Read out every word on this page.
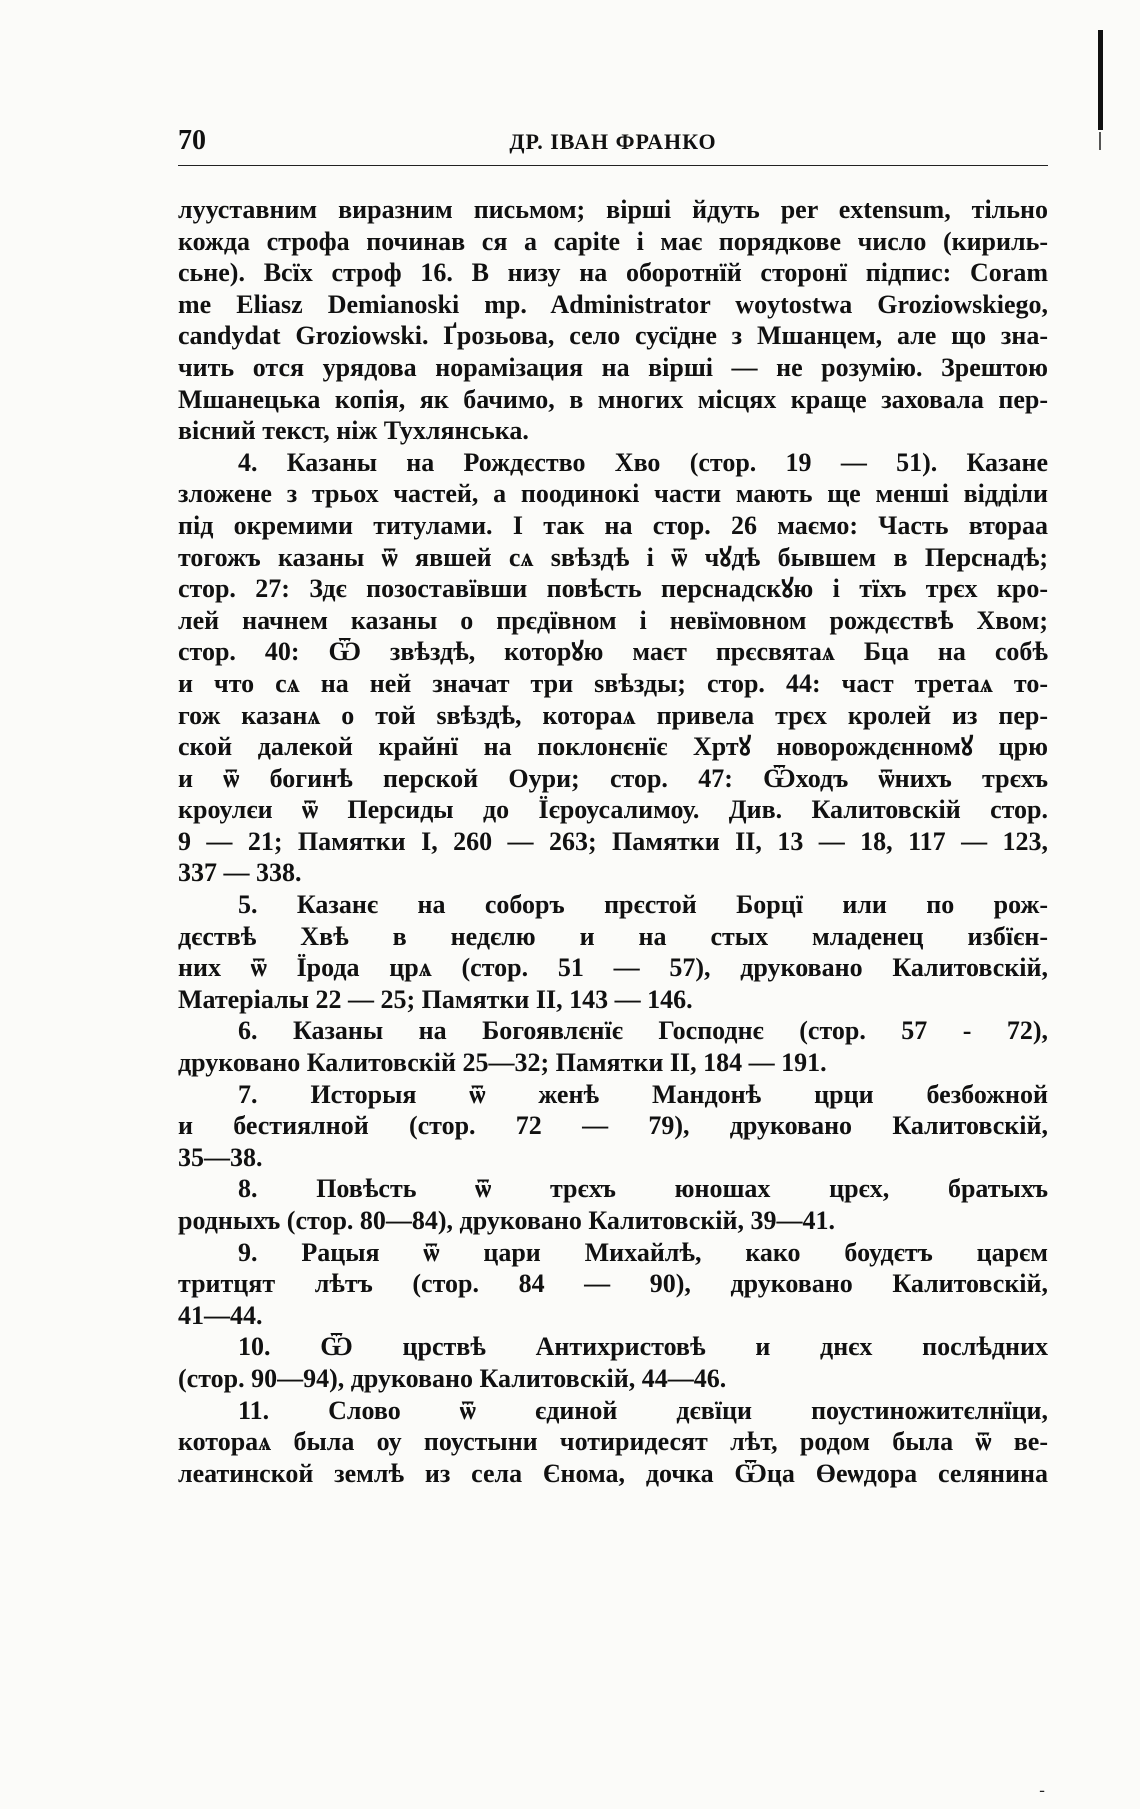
70	ДР. ІВАН ФРАНКО

лууставним виразним письмом; вірші йдуть per extensum, тільно
кожда строфа починав ся а capite і має порядкове число (кириль-
сьне). Всїх строф 16. В низу на оборотнїй сторонї підпис: Coram
me Eliasz Demianoski mp. Administrator woytostwa Groziowskiego,
candydat Groziowski. Ґрозьова, село сусїдне з Мшанцем, але що зна-
чить отся урядова норамізация на вірші — не розумію. Зрештою
Мшанецька копія, як бачимо, в многих місцях краще заховала пер-
вісний текст, ніж Тухлянська.

4. Казаны на Рождєство Хво (стор. 19 — 51). Казане
зложене з трьох частей, а поодинокі части мають ще менші відділи
під окремими титулами. І так на стор. 26 маємо: Часть втораа
тогожъ казаны ѿ явшей сѧ ѕвѣздѣ і ѿ чꙋдѣ бывшем в Перснадѣ;
стор. 27: Здє позоставївши повѣсть перснадскꙋю і тїхъ трєх кро-
лей начнем казаны о прєдївном і невїмовном рождєствѣ Хвом;
стор. 40: Ѿ звѣздѣ, которꙋю маєт прєсвятаѧ Бца на собѣ
и что сѧ на ней значат три ѕвѣзды; стор. 44: част третаѧ то-
гож казанѧ о той ѕвѣздѣ, котораѧ привела трєх кролей из пер-
ской далекой крайнї на поклонєнїє Хртꙋ новорождєнномꙋ црю
и ѿ богинѣ перской Оури; стор. 47: Ѿходъ ѿнихъ трєхъ
кроулєи ѿ Персиды до Їєроусалимоу. Див. Калитовскій стор.
9 — 21; Памятки І, 260 — 263; Памятки ІІ, 13 — 18, 117 — 123,
337 — 338.

5. Казанє на соборъ прєстой Борцї или по рож-
дєствѣ Хвѣ в недєлю и на стых младенец избїєн-
них ѿ Їрода црѧ (стор. 51 — 57), друковано Калитовскій,
Матеріалы 22 — 25; Памятки ІІ, 143 — 146.

6. Казаны на Богоявлєнїє Господнє (стор. 57 - 72),
друковано Калитовскій 25—32; Памятки ІІ, 184 — 191.

7. Исторыя ѿ женѣ Мандонѣ црци безбожной
и бестиялной (стор. 72 — 79), друковано Калитовскій,
35—38.

8. Повѣсть ѿ трєхъ юношах црєх, братыхъ
родныхъ (стор. 80—84), друковано Калитовскій, 39—41.

9. Рацыя ѿ цари Михайлѣ, како боудєтъ царєм
тритцят лѣтъ (стор. 84 — 90), друковано Калитовскій,
41—44.

10. Ѿ црствѣ Антихристовѣ и днєх послѣдних
(стор. 90—94), друковано Калитовскій, 44—46.

11. Слово ѿ єдиной дєвїци поустиножитєлнїци,
котораѧ была оу поустыни чотиридесят лѣт, родом была ѿ ве-
леатинской землѣ из села Єнома, дочка Ѿца Өеѡдора селянина

ـ
